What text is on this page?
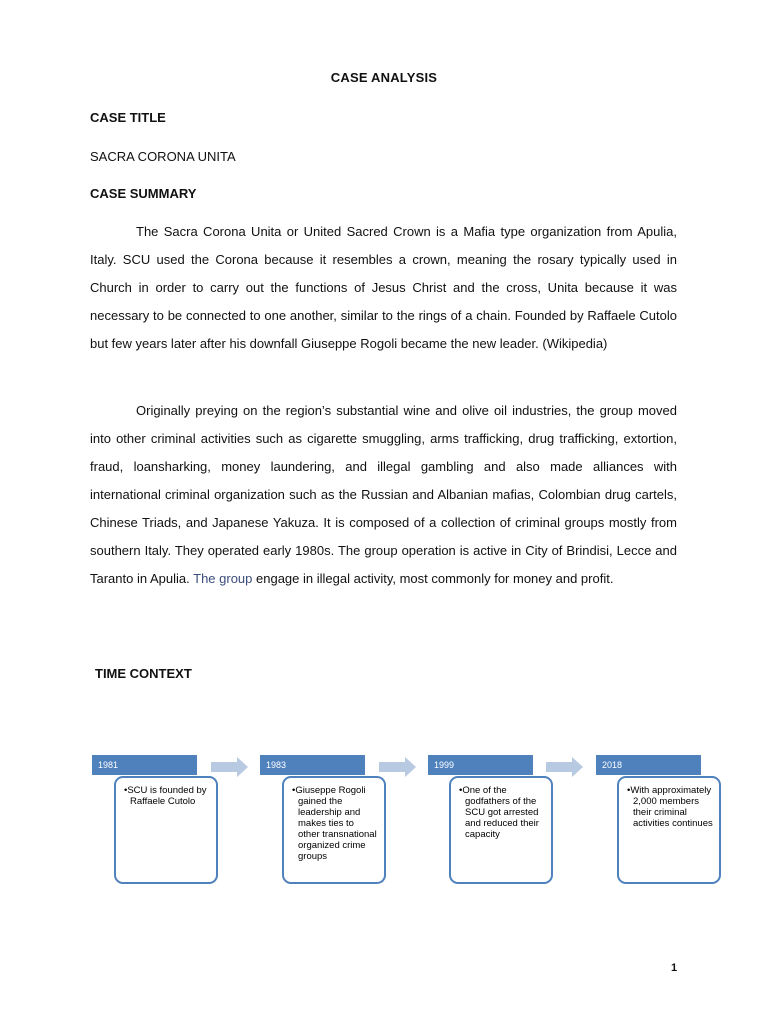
CASE ANALYSIS
CASE TITLE
SACRA CORONA UNITA
CASE SUMMARY

The Sacra Corona Unita or United Sacred Crown is a Mafia type organization from Apulia, Italy. SCU used the Corona because it resembles a crown, meaning the rosary typically used in Church in order to carry out the functions of Jesus Christ and the cross, Unita because it was necessary to be connected to one another, similar to the rings of a chain. Founded by Raffaele Cutolo but few years later after his downfall Giuseppe Rogoli became the new leader. (Wikipedia)

Originally preying on the region’s substantial wine and olive oil industries, the group moved into other criminal activities such as cigarette smuggling, arms trafficking, drug trafficking, extortion, fraud, loansharking, money laundering, and illegal gambling and also made alliances with international criminal organization such as the Russian and Albanian mafias, Colombian drug cartels, Chinese Triads, and Japanese Yakuza. It is composed of a collection of criminal groups mostly from southern Italy. They operated early 1980s. The group operation is active in City of Brindisi, Lecce and Taranto in Apulia. The group engage in illegal activity, most commonly for money and profit.

TIME CONTEXT
1981
•SCU is founded by Raffaele Cutolo
1983
•Giuseppe Rogoli gained the leadership and makes ties to other transnational organized crime groups
1999
•One of the godfathers of the SCU got arrested and reduced their capacity
2018
•With approximately 2,000 members their criminal activities continues
1
